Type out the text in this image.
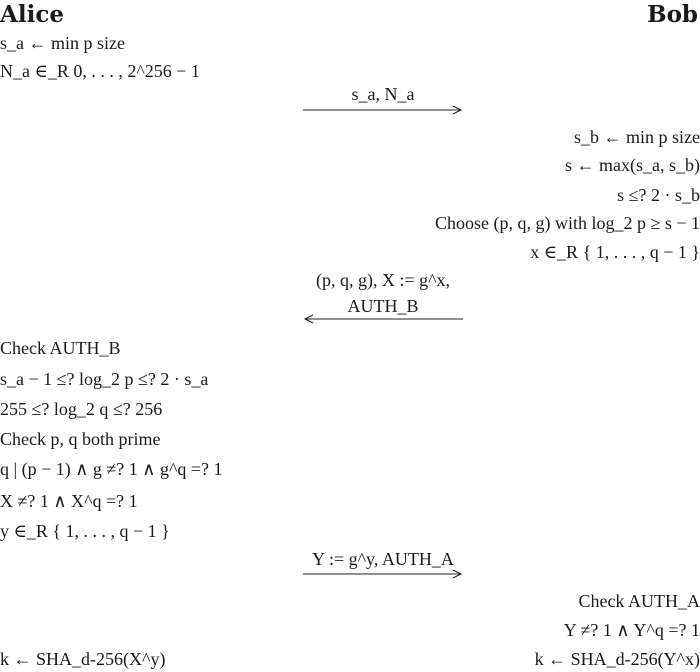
Alice	Bob
s_a ← min p size
N_a ∈_R 0, . . . , 2^256 − 1
s_a, N_a
s_b ← min p size
s ← max(s_a, s_b)
s ≤? 2 · s_b
Choose (p, q, g) with log_2 p ≥ s − 1
x ∈_R { 1, . . . , q − 1 }
(p, q, g), X := g^x,
AUTH_B
Check AUTH_B
s_a − 1 ≤? log_2 p ≤? 2 · s_a
255 ≤? log_2 q ≤? 256
Check p, q both prime
q | (p − 1) ∧ g ≠? 1 ∧ g^q =? 1
X ≠? 1 ∧ X^q =? 1
y ∈_R { 1, . . . , q − 1 }
Y := g^y, AUTH_A
Check AUTH_A
Y ≠? 1 ∧ Y^q =? 1
k ← SHA_d-256(X^y)	k ← SHA_d-256(Y^x)
